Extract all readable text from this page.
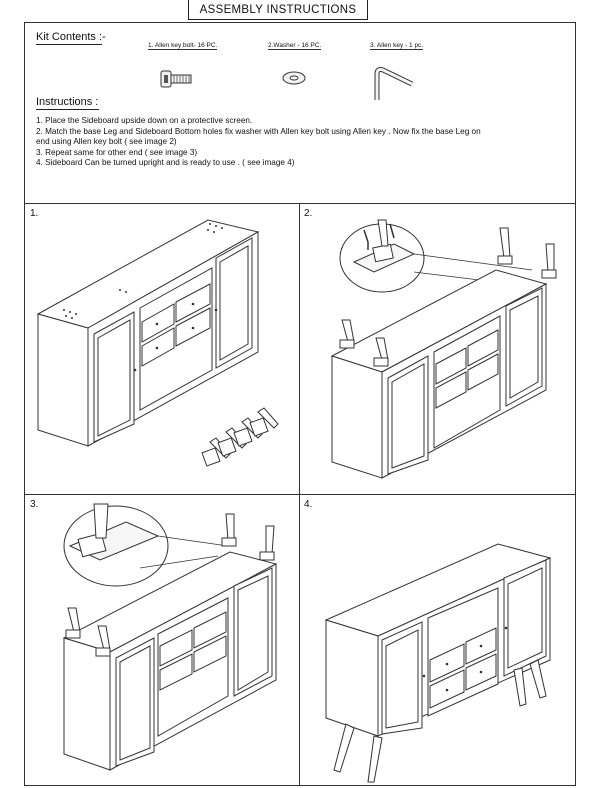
ASSEMBLY INSTRUCTIONS
Kit Contents :-
1. Allen key bolt- 16 PC.	2.Washer - 16 PC.	3. Allen key - 1 pc.
Instructions :
1. Place the Sideboard upside down on a protective screen.
2. Match the base Leg and Sideboard Bottom holes fix washer with Allen key bolt using Allen key . Now fix the base Leg on
end using Allen key bolt ( see image 2)
3. Repeat same for other end ( see image 3)
4. Sideboard Can be turned upright and is ready to use . ( see image 4)
1.	2.
3.	4.
